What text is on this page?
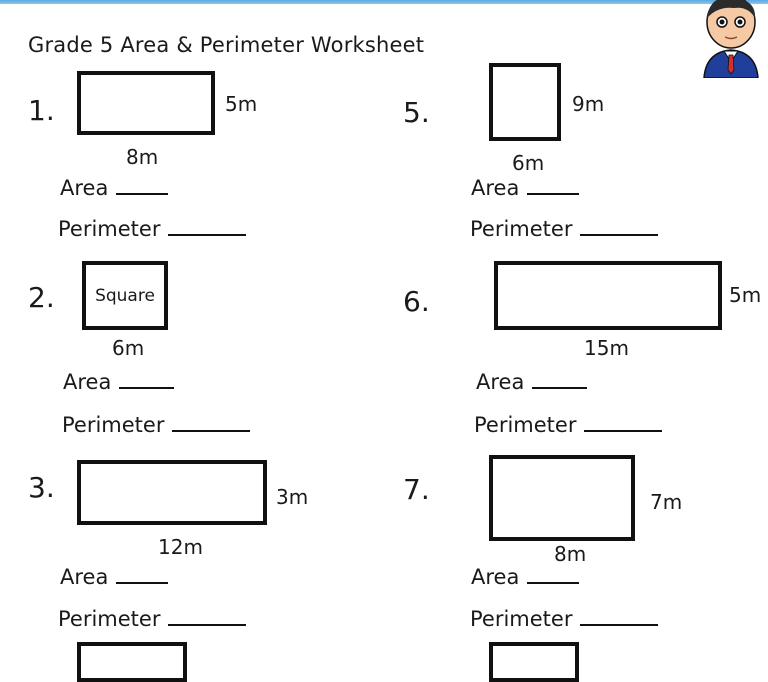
Grade 5 Area & Perimeter Worksheet
1.	5m
8m
Area
Perimeter
2.	Square
6m
Area
Perimeter
3.	3m
12m
Area
Perimeter
5.	9m
6m
Area
Perimeter
6.	5m
15m
Area
Perimeter
7.	7m
8m
Area
Perimeter
